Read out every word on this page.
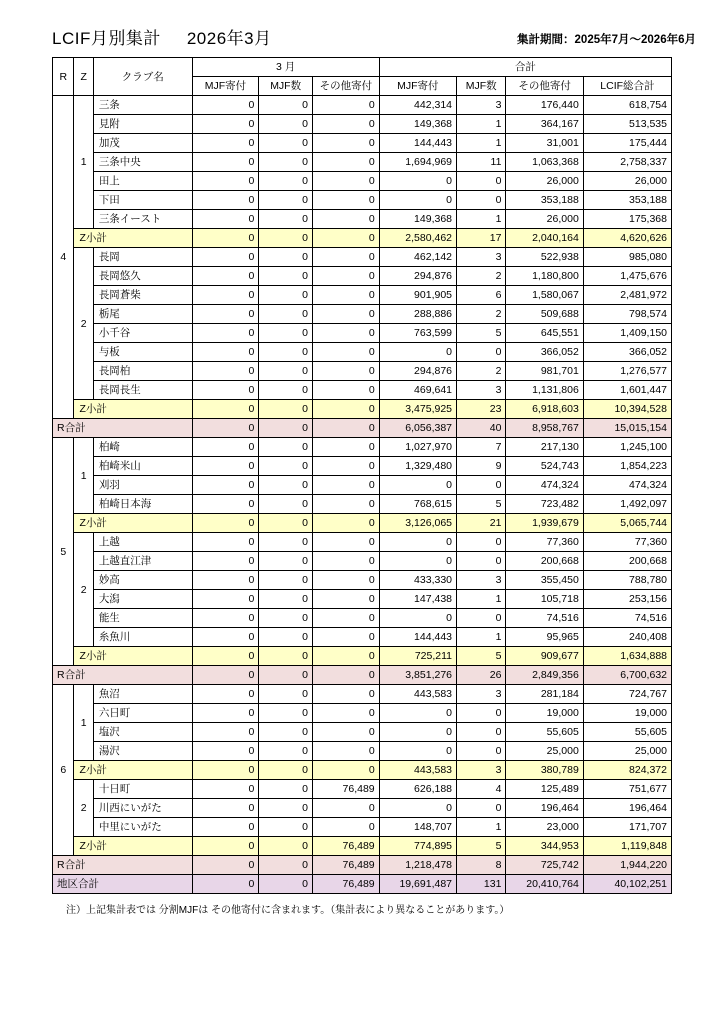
LCIF月別集計 2026年3月	集計期間：2025年7月〜2026年6月
R	Z	クラブ名	3 月			合計			
			MJF寄付	MJF数	その他寄付	MJF寄付	MJF数	その他寄付	LCIF総合計
4	1	三条	0	0	0	442,314	3	176,440	618,754
		見附	0	0	0	149,368	1	364,167	513,535
		加茂	0	0	0	144,443	1	31,001	175,444
		三条中央	0	0	0	1,694,969	11	1,063,368	2,758,337
		田上	0	0	0	0	0	26,000	26,000
		下田	0	0	0	0	0	353,188	353,188
		三条イースト	0	0	0	149,368	1	26,000	175,368
	Z小計		0	0	0	2,580,462	17	2,040,164	4,620,626
	2	長岡	0	0	0	462,142	3	522,938	985,080
		長岡悠久	0	0	0	294,876	2	1,180,800	1,475,676
		長岡蒼柴	0	0	0	901,905	6	1,580,067	2,481,972
		栃尾	0	0	0	288,886	2	509,688	798,574
		小千谷	0	0	0	763,599	5	645,551	1,409,150
		与板	0	0	0	0	0	366,052	366,052
		長岡柏	0	0	0	294,876	2	981,701	1,276,577
		長岡長生	0	0	0	469,641	3	1,131,806	1,601,447
	Z小計		0	0	0	3,475,925	23	6,918,603	10,394,528
R合計			0	0	0	6,056,387	40	8,958,767	15,015,154
5	1	柏崎	0	0	0	1,027,970	7	217,130	1,245,100
		柏崎米山	0	0	0	1,329,480	9	524,743	1,854,223
		刈羽	0	0	0	0	0	474,324	474,324
		柏崎日本海	0	0	0	768,615	5	723,482	1,492,097
	Z小計		0	0	0	3,126,065	21	1,939,679	5,065,744
	2	上越	0	0	0	0	0	77,360	77,360
		上越直江津	0	0	0	0	0	200,668	200,668
		妙高	0	0	0	433,330	3	355,450	788,780
		大潟	0	0	0	147,438	1	105,718	253,156
		能生	0	0	0	0	0	74,516	74,516
		糸魚川	0	0	0	144,443	1	95,965	240,408
	Z小計		0	0	0	725,211	5	909,677	1,634,888
R合計			0	0	0	3,851,276	26	2,849,356	6,700,632
6	1	魚沼	0	0	0	443,583	3	281,184	724,767
		六日町	0	0	0	0	0	19,000	19,000
		塩沢	0	0	0	0	0	55,605	55,605
		湯沢	0	0	0	0	0	25,000	25,000
	Z小計		0	0	0	443,583	3	380,789	824,372
	2	十日町	0	0	76,489	626,188	4	125,489	751,677
		川西にいがた	0	0	0	0	0	196,464	196,464
		中里にいがた	0	0	0	148,707	1	23,000	171,707
	Z小計		0	0	76,489	774,895	5	344,953	1,119,848
R合計			0	0	76,489	1,218,478	8	725,742	1,944,220
地区合計			0	0	76,489	19,691,487	131	20,410,764	40,102,251
注）上記集計表では 分割MJFは その他寄付に含まれます。（集計表により異なることがあります。）
